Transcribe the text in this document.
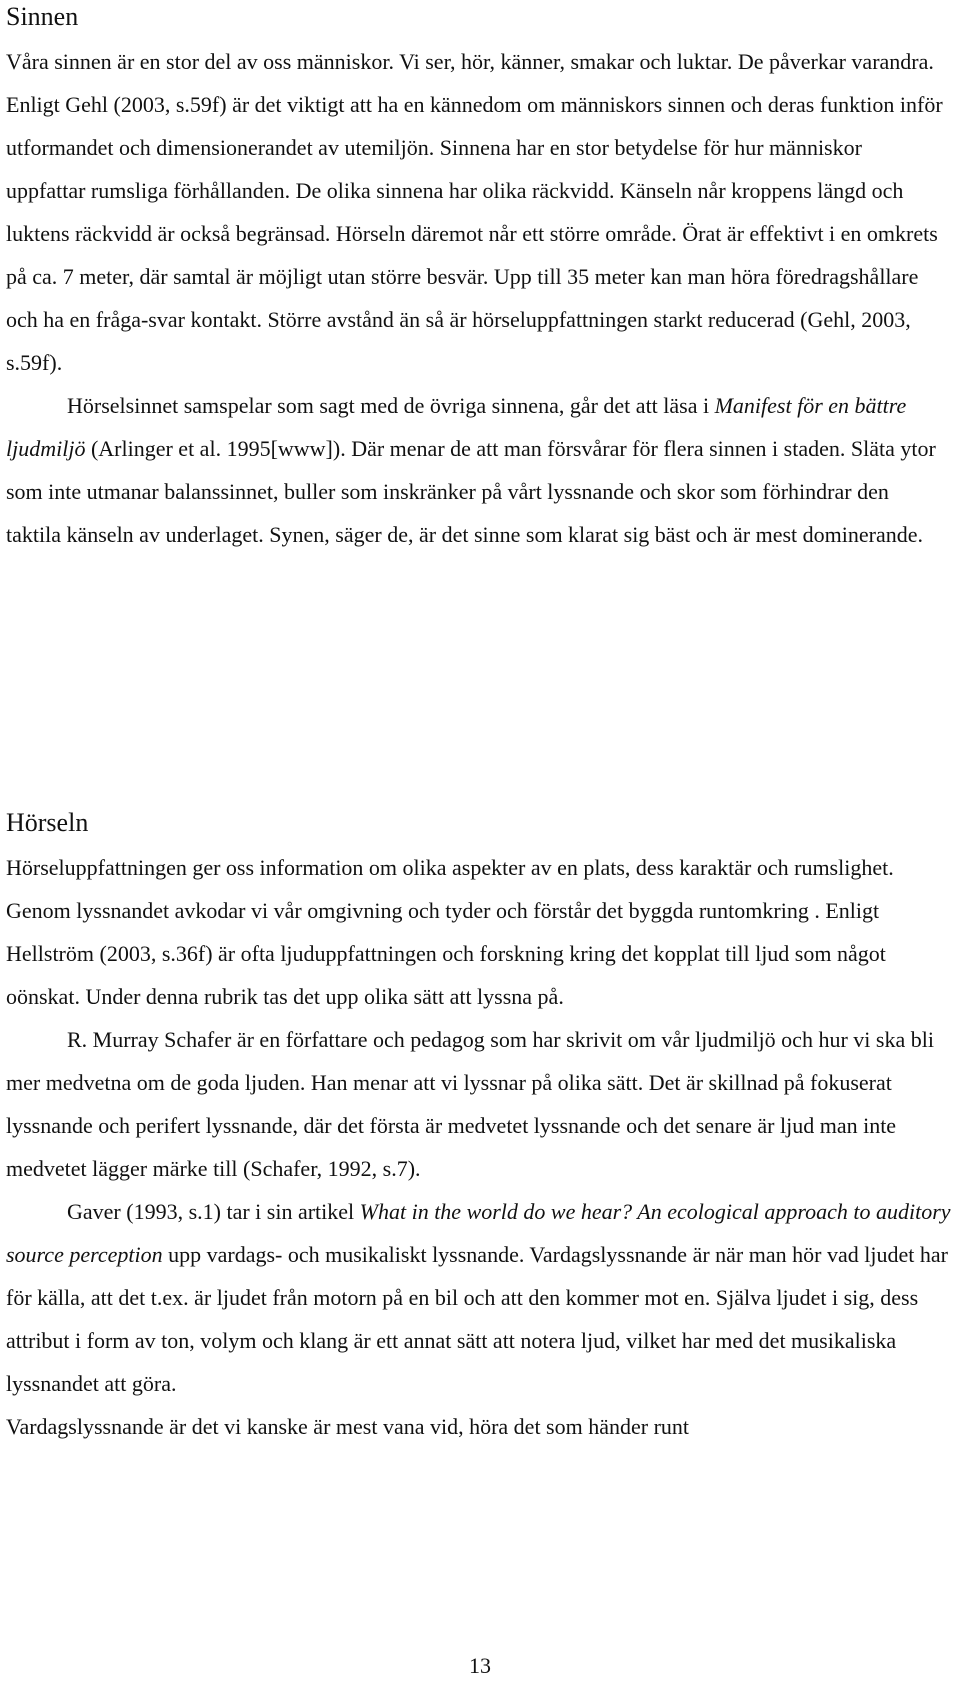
Sinnen

Våra sinnen är en stor del av oss människor. Vi ser, hör, känner, smakar och luktar. De påverkar varandra. Enligt Gehl (2003, s.59f) är det viktigt att ha en kännedom om människors sinnen och deras funktion inför utformandet och dimensionerandet av utemiljön. Sinnena har en stor betydelse för hur människor uppfattar rumsliga förhållanden. De olika sinnena har olika räckvidd. Känseln når kroppens längd och luktens räckvidd är också begränsad. Hörseln däremot når ett större område. Örat är effektivt i en omkrets på ca. 7 meter, där samtal är möjligt utan större besvär. Upp till 35 meter kan man höra föredragshållare och ha en fråga-svar kontakt. Större avstånd än så är hörseluppfattningen starkt reducerad (Gehl, 2003, s.59f).

Hörselsinnet samspelar som sagt med de övriga sinnena, går det att läsa i Manifest för en bättre ljudmiljö (Arlinger et al. 1995[www]). Där menar de att man försvårar för flera sinnen i staden. Släta ytor som inte utmanar balanssinnet, buller som inskränker på vårt lyssnande och skor som förhindrar den taktila känseln av underlaget. Synen, säger de, är det sinne som klarat sig bäst och är mest dominerande.

Hörseln

Hörseluppfattningen ger oss information om olika aspekter av en plats, dess karaktär och rumslighet. Genom lyssnandet avkodar vi vår omgivning och tyder och förstår det byggda runtomkring . Enligt Hellström (2003, s.36f) är ofta ljuduppfattningen och forskning kring det kopplat till ljud som något oönskat. Under denna rubrik tas det upp olika sätt att lyssna på.

R. Murray Schafer är en författare och pedagog som har skrivit om vår ljudmiljö och hur vi ska bli mer medvetna om de goda ljuden. Han menar att vi lyssnar på olika sätt. Det är skillnad på fokuserat lyssnande och perifert lyssnande, där det första är medvetet lyssnande och det senare är ljud man inte medvetet lägger märke till (Schafer, 1992, s.7).

Gaver (1993, s.1) tar i sin artikel What in the world do we hear? An ecological approach to auditory source perception upp vardags- och musikaliskt lyssnande. Vardagslyssnande är när man hör vad ljudet har för källa, att det t.ex. är ljudet från motorn på en bil och att den kommer mot en. Själva ljudet i sig, dess attribut i form av ton, volym och klang är ett annat sätt att notera ljud, vilket har med det musikaliska lyssnandet att göra.

Vardagslyssnande är det vi kanske är mest vana vid, höra det som händer runt

13
